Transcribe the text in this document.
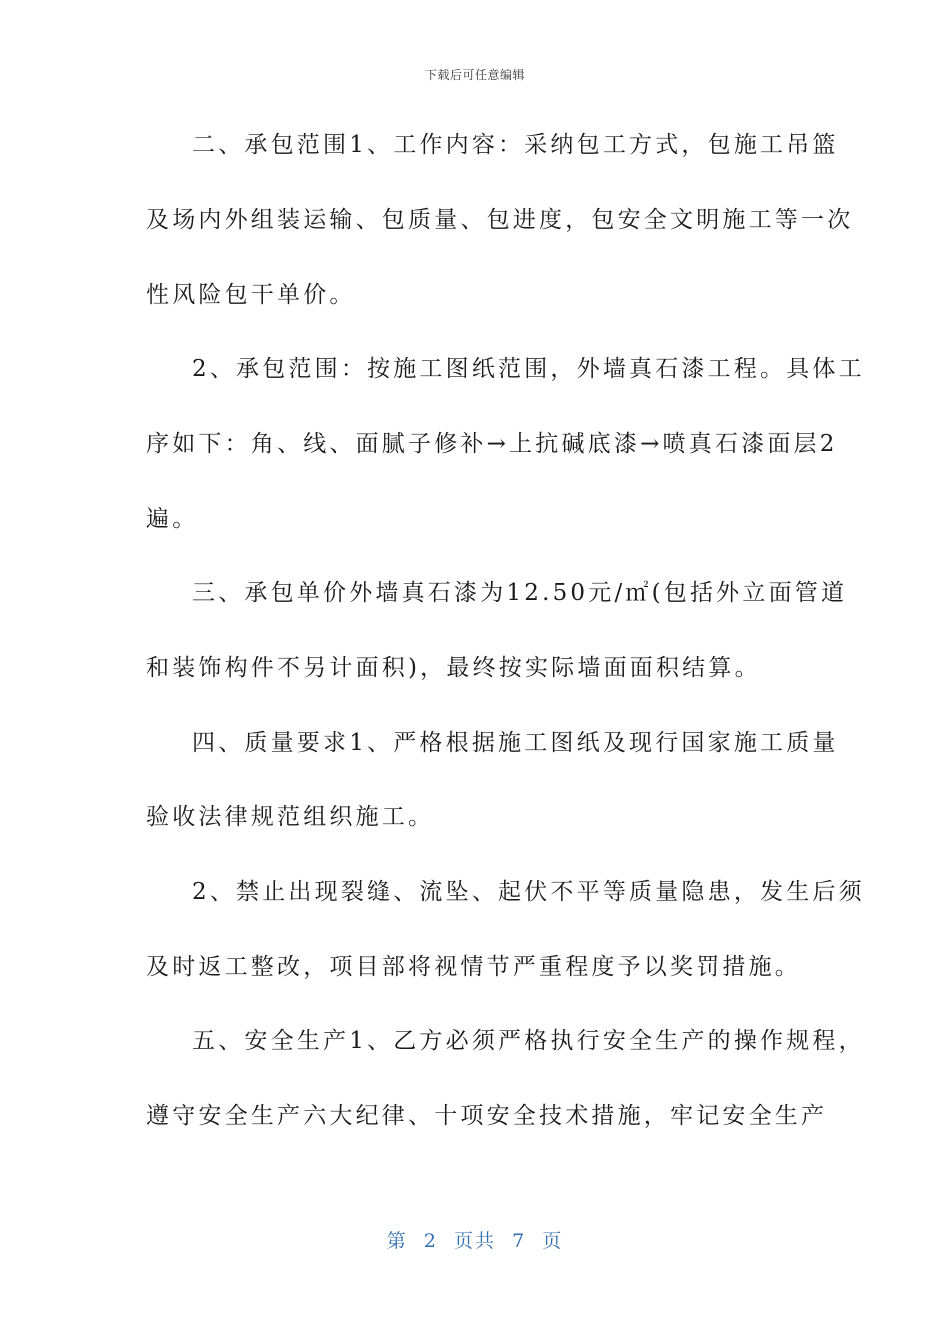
下载后可任意编辑
二、承包范围1、工作内容：采纳包工方式，包施工吊篮
及场内外组装运输、包质量、包进度，包安全文明施工等一次
性风险包干单价。
2、承包范围：按施工图纸范围，外墙真石漆工程。具体工
序如下：角、线、面腻子修补→上抗碱底漆→喷真石漆面层2
遍。
三、承包单价外墙真石漆为12.50元/㎡(包括外立面管道
和装饰构件不另计面积)，最终按实际墙面面积结算。
四、质量要求1、严格根据施工图纸及现行国家施工质量
验收法律规范组织施工。
2、禁止出现裂缝、流坠、起伏不平等质量隐患，发生后须
及时返工整改，项目部将视情节严重程度予以奖罚措施。
五、安全生产1、乙方必须严格执行安全生产的操作规程，
遵守安全生产六大纪律、十项安全技术措施，牢记安全生产
第  2  页共  7  页
